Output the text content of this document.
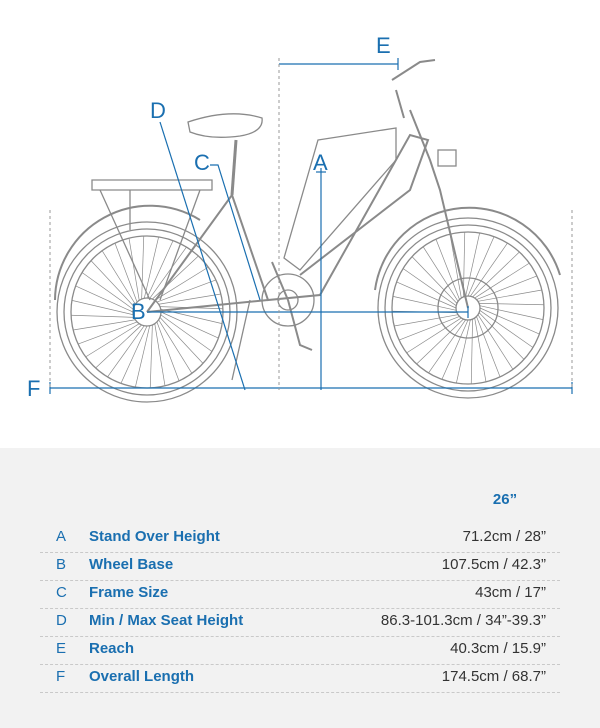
E
D
C	A
B
F
26”
A Stand Over Height	71.2cm / 28”
B Wheel Base	107.5cm / 42.3”
C Frame Size	43cm / 17”
D Min / Max Seat Height	86.3-101.3cm / 34”-39.3”
E Reach	40.3cm / 15.9”
F Overall Length	174.5cm / 68.7”
